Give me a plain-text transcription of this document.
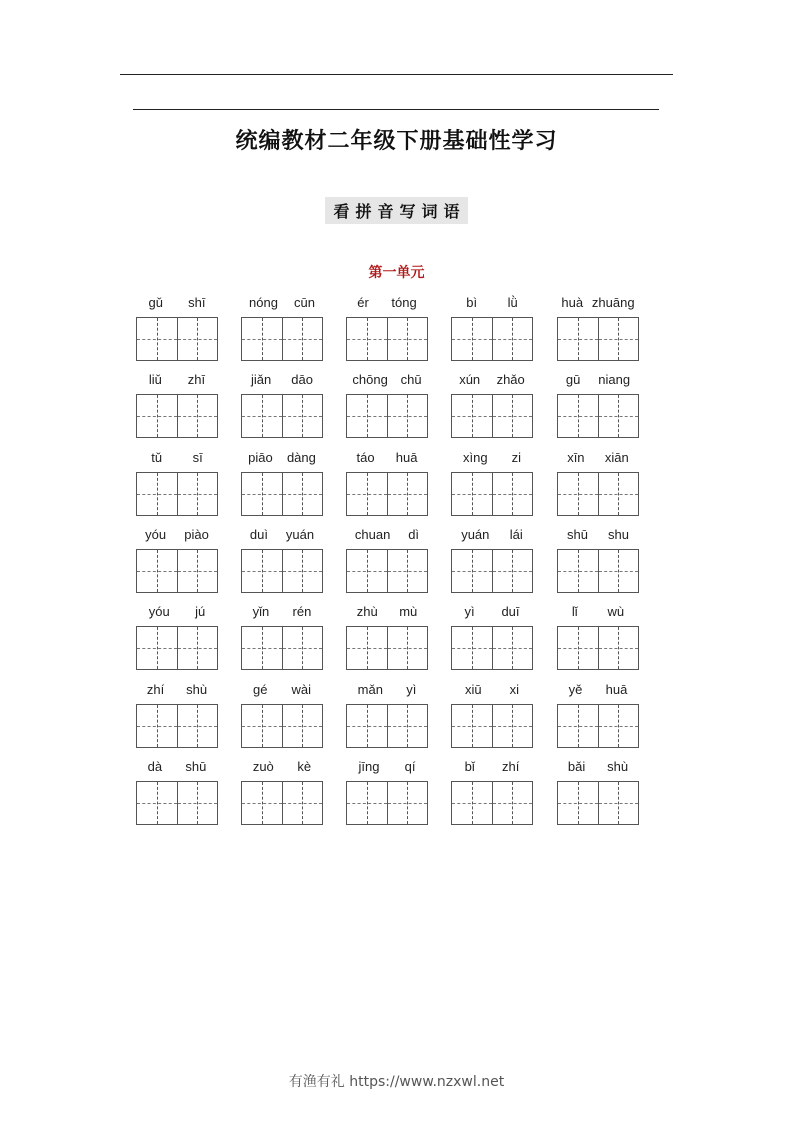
统编教材二年级下册基础性学习
看拼音写词语
第一单元
gǔ shī	nóng cūn	ér tóng	bì lǜ	huà zhuāng
liǔ zhī	jiǎn dāo	chōng chū	xún zhǎo	gū niang
tǔ sī	piāo dàng	táo huā	xìng zi	xīn xiān
yóu piào	duì yuán	chuan dì	yuán lái	shū shu
yóu jú	yǐn rén	zhù mù	yì duī	lǐ wù
zhí shù	gé wài	mǎn yì	xiū xi	yě huā
dà shū	zuò kè	jīng qí	bǐ zhí	bǎi shù
有渔有礼 https://www.nzxwl.net
